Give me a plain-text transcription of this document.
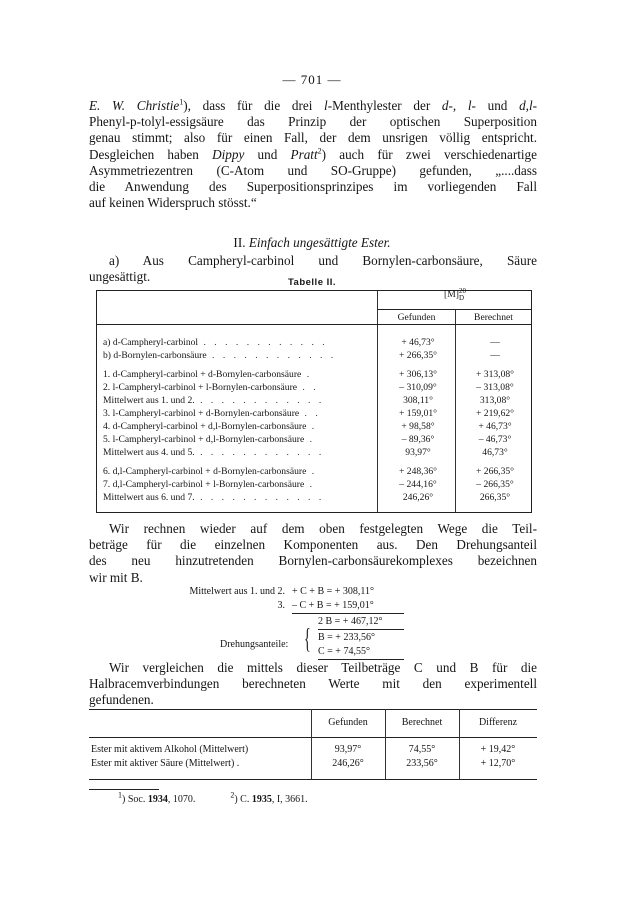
— 701 —

E. W. Christie$^1$), dass für die drei l-Menthylester der d-, l- und d,l-

Phenyl-p-tolyl-essigsäure das Prinzip der optischen Superposition

genau stimmt; also für einen Fall, der dem unsrigen völlig entspricht.

Desgleichen haben Dippy und Pratt$^2$) auch für zwei verschiedenartige

Asymmetriezentren (C-Atom und SO-Gruppe) gefunden, „....dass

die Anwendung des Superpositionsprinzipes im vorliegenden Fall

auf keinen Widerspruch stösst.“

II. Einfach ungesättigte Ester.

a) Aus Campheryl-carbinol und Bornylen-carbonsäure, Säure

ungesättigt.	Tabelle II.
[M] 20
D
Gefunden	Berechnet
a) d-Campheryl-carbinol . . . . . . . . . . . .	+ 46,73°	—
b) d-Bornylen-carbonsäure . . . . . . . . . . . .	+ 266,35°	—
1. d-Campheryl-carbinol + d-Bornylen-carbonsäure .	+ 306,13°	+ 313,08°
2. l-Campheryl-carbinol + l-Bornylen-carbonsäure . .	– 310,09°	– 313,08°
Mittelwert aus 1. und 2. . . . . . . . . . . . .	308,11°	313,08°
3. l-Campheryl-carbinol + d-Bornylen-carbonsäure . .	+ 159,01°	+ 219,62°
4. d-Campheryl-carbinol + d,l-Bornylen-carbonsäure .	+ 98,58°	+ 46,73°
5. l-Campheryl-carbinol + d,l-Bornylen-carbonsäure .	– 89,36°	– 46,73°
Mittelwert aus 4. und 5. . . . . . . . . . . . .	93,97°	46,73°
6. d,l-Campheryl-carbinol + d-Bornylen-carbonsäure .	+ 248,36°	+ 266,35°
7. d,l-Campheryl-carbinol + l-Bornylen-carbonsäure .	– 244,16°	– 266,35°
Mittelwert aus 6. und 7. . . . . . . . . . . . .	246,26°	266,35°

Wir rechnen wieder auf dem oben festgelegten Wege die Teil-

beträge für die einzelnen Komponenten aus. Den Drehungsanteil

des neu hinzutretenden Bornylen-carbonsäurekomplexes bezeichnen

wir mit B.

Mittelwert aus 1. und 2. + C + B = + 308,11°
3. – C + B = + 159,01°
2 B = + 467,12°
Drehungsanteile: { B = + 233,56°
C = + 74,55°

Wir vergleichen die mittels dieser Teilbeträge C und B für die

Halbracemverbindungen berechneten Werte mit den experimentell

gefundenen.

Gefunden	Berechnet	Differenz
Ester mit aktivem Alkohol (Mittelwert)	93,97°	74,55°	+ 19,42°
Ester mit aktiver Säure (Mittelwert) .	246,26°	233,56°	+ 12,70°
$^1$) Soc. 1934, 1070.	$^2$) C. 1935, I, 3661.
